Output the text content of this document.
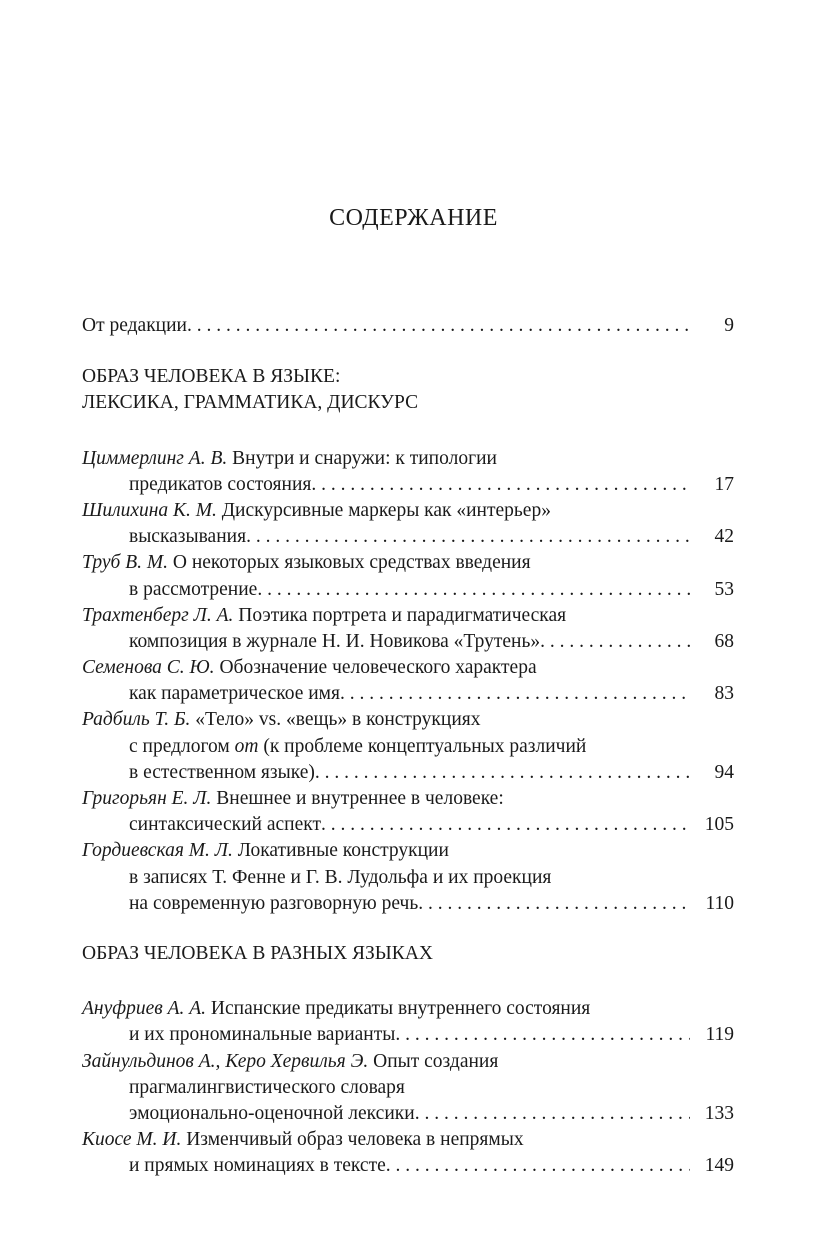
СОДЕРЖАНИЕ
От редакции . . .	9
ОБРАЗ ЧЕЛОВЕКА В ЯЗЫКЕ:
ЛЕКСИКА, ГРАММАТИКА, ДИСКУРС
Циммерлинг А. В. Внутри и снаружи: к типологии
предикатов состояния . . .	17
Шилихина К. М. Дискурсивные маркеры как «интерьер»
высказывания . . .	42
Труб В. М. О некоторых языковых средствах введения
в рассмотрение . . .	53
Трахтенберг Л. А. Поэтика портрета и парадигматическая
композиция в журнале Н. И. Новикова «Трутень» . . .	68
Семенова С. Ю. Обозначение человеческого характера
как параметрическое имя . . .	83
Радбиль Т. Б. «Тело» vs. «вещь» в конструкциях
с предлогом от (к проблеме концептуальных различий
в естественном языке) . . .	94
Григорьян Е. Л. Внешнее и внутреннее в человеке:
синтаксический аспект . . .	105
Гордиевская М. Л. Локативные конструкции
в записях Т. Фенне и Г. В. Лудольфа и их проекция
на современную разговорную речь . . .	110
ОБРАЗ ЧЕЛОВЕКА В РАЗНЫХ ЯЗЫКАХ
Ануфриев А. А. Испанские предикаты внутреннего состояния
и их прономинальные варианты . . .	119
Зайнульдинов А., Керо Хервилья Э. Опыт создания
прагмалингвистического словаря
эмоционально-оценочной лексики . . .	133
Киосе М. И. Изменчивый образ человека в непрямых
и прямых номинациях в тексте . . .	149
